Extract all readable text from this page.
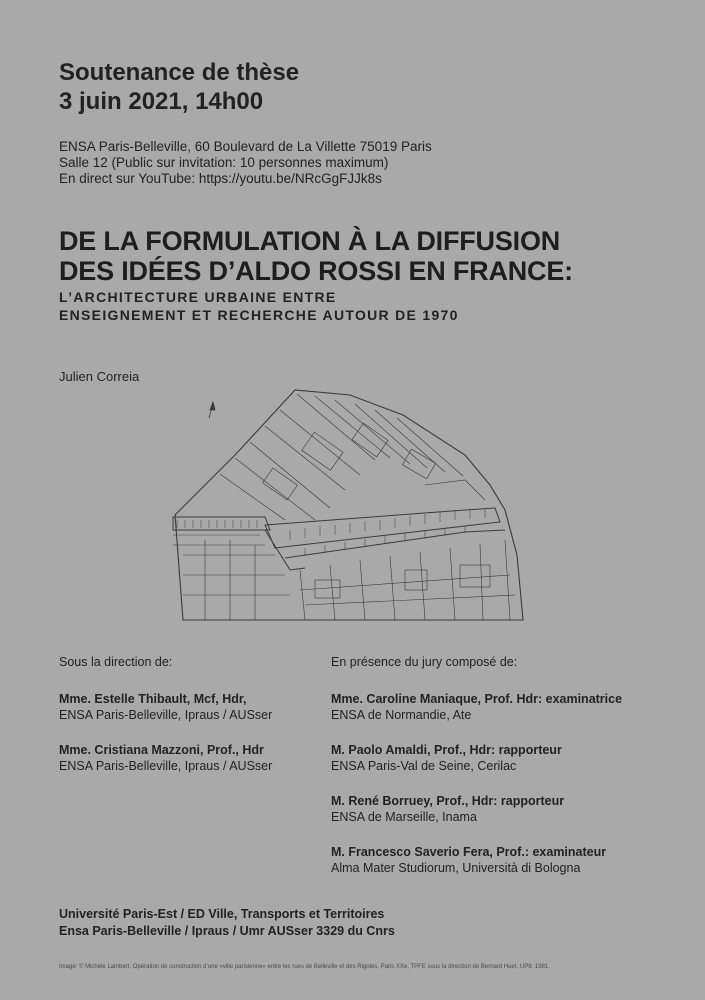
Soutenance de thèse
3 juin 2021, 14h00
ENSA Paris-Belleville, 60 Boulevard de La Villette 75019 Paris
Salle 12 (Public sur invitation: 10 personnes maximum)
En direct sur YouTube: https://youtu.be/NRcGgFJJk8s
DE LA FORMULATION À LA DIFFUSION
DES IDÉES D’ALDO ROSSI EN FRANCE:
L’ARCHITECTURE URBAINE ENTRE
ENSEIGNEMENT ET RECHERCHE AUTOUR DE 1970
Julien Correia
Sous la direction de:
Mme. Estelle Thibault, Mcf, Hdr,
ENSA Paris-Belleville, Ipraus / AUSser
Mme. Cristiana Mazzoni, Prof., Hdr
ENSA Paris-Belleville, Ipraus / AUSser
En présence du jury composé de:
Mme. Caroline Maniaque, Prof. Hdr: examinatrice
ENSA de Normandie, Ate
M. Paolo Amaldi, Prof., Hdr: rapporteur
ENSA Paris-Val de Seine, Cerilac
M. René Borruey, Prof., Hdr: rapporteur
ENSA de Marseille, Inama
M. Francesco Saverio Fera, Prof.: examinateur
Alma Mater Studiorum, Università di Bologna
Université Paris-Est / ED Ville, Transports et Territoires
Ensa Paris-Belleville / Ipraus / Umr AUSser 3329 du Cnrs
Image: © Michèle Lambert, Opération de construction d’une «ville parisienne» entre les rues de Belleville et des Rigoles, Paris XXe, TPFE sous la direction de Bernard Huet, UP8, 1981.
